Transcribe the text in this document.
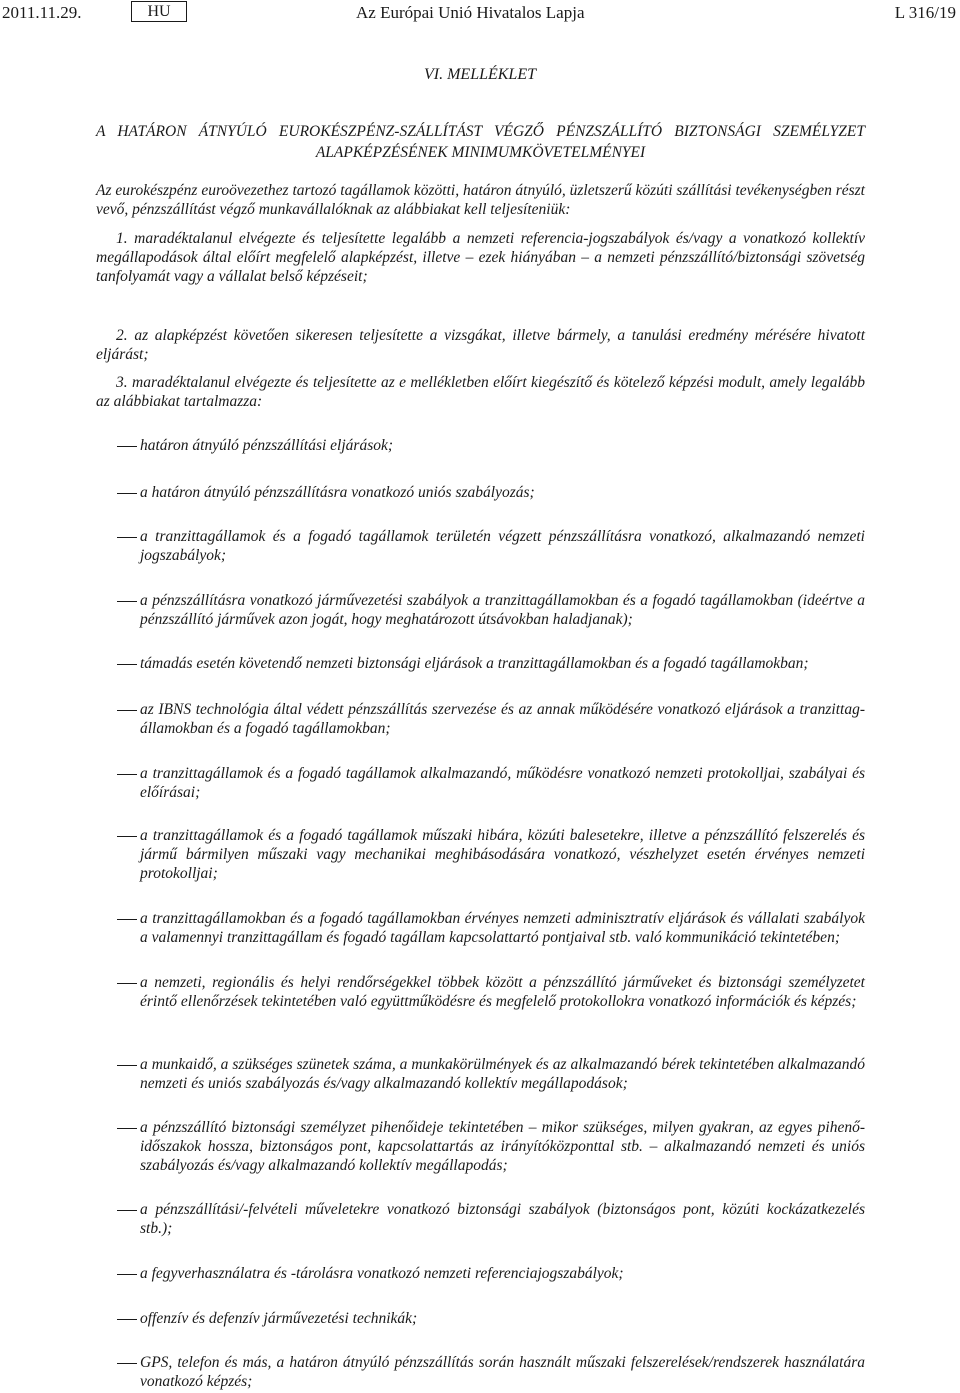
2011.11.29.	HU	Az Európai Unió Hivatalos Lapja	L 316/19
VI. MELLÉKLET
A HATÁRON ÁTNYÚLÓ EUROKÉSZPÉNZ-SZÁLLÍTÁST VÉGZŐ PÉNZSZÁLLÍTÓ BIZTONSÁGI SZEMÉLYZET ALAPKÉPZÉSÉNEK MINIMUMKÖVETELMÉNYEI
Az eurokészpénz euroövezethez tartozó tagállamok közötti, határon átnyúló, üzletszerű közúti szállítási tevékenységben részt vevő, pénzszállítást végző munkavállalóknak az alábbiakat kell teljesíteniük:
1. maradéktalanul elvégezte és teljesítette legalább a nemzeti referencia-jogszabályok és/vagy a vonatkozó kollektív megállapodások által előírt megfelelő alapképzést, illetve – ezek hiányában – a nemzeti pénzszállító/biztonsági szövetség tanfolyamát vagy a vállalat belső képzéseit;
2. az alapképzést követően sikeresen teljesítette a vizsgákat, illetve bármely, a tanulási eredmény mérésére hivatott eljárást;
3. maradéktalanul elvégezte és teljesítette az e mellékletben előírt kiegészítő és kötelező képzési modult, amely legalább az alábbiakat tartalmazza:
határon átnyúló pénzszállítási eljárások;
a határon átnyúló pénzszállításra vonatkozó uniós szabályozás;
a tranzittagállamok és a fogadó tagállamok területén végzett pénzszállításra vonatkozó, alkalmazandó nemzeti jogszabályok;
a pénzszállításra vonatkozó járművezetési szabályok a tranzittagállamokban és a fogadó tagállamokban (ideértve a pénzszállító járművek azon jogát, hogy meghatározott útsávokban haladjanak);
támadás esetén követendő nemzeti biztonsági eljárások a tranzittagállamokban és a fogadó tagállamokban;
az IBNS technológia által védett pénzszállítás szervezése és az annak működésére vonatkozó eljárások a tranzittagállamokban és a fogadó tagállamokban;
a tranzittagállamok és a fogadó tagállamok alkalmazandó, működésre vonatkozó nemzeti protokolljai, szabályai és előírásai;
a tranzittagállamok és a fogadó tagállamok műszaki hibára, közúti balesetekre, illetve a pénzszállító felszerelés és jármű bármilyen műszaki vagy mechanikai meghibásodására vonatkozó, vészhelyzet esetén érvényes nemzeti protokolljai;
a tranzittagállamokban és a fogadó tagállamokban érvényes nemzeti adminisztratív eljárások és vállalati szabályok a valamennyi tranzittagállam és fogadó tagállam kapcsolattartó pontjaival stb. való kommunikáció tekintetében;
a nemzeti, regionális és helyi rendőrségekkel többek között a pénzszállító járműveket és biztonsági személyzetet érintő ellenőrzések tekintetében való együttműködésre és megfelelő protokollokra vonatkozó információk és képzés;
a munkaidő, a szükséges szünetek száma, a munkakörülmények és az alkalmazandó bérek tekintetében alkalmazandó nemzeti és uniós szabályozás és/vagy alkalmazandó kollektív megállapodások;
a pénzszállító biztonsági személyzet pihenőideje tekintetében – mikor szükséges, milyen gyakran, az egyes pihenőidőszakok hossza, biztonságos pont, kapcsolattartás az irányítóközponttal stb. – alkalmazandó nemzeti és uniós szabályozás és/vagy alkalmazandó kollektív megállapodás;
a pénzszállítási/-felvételi műveletekre vonatkozó biztonsági szabályok (biztonságos pont, közúti kockázatkezelés stb.);
a fegyverhasználatra és -tárolásra vonatkozó nemzeti referenciajogszabályok;
offenzív és defenzív járművezetési technikák;
GPS, telefon és más, a határon átnyúló pénzszállítás során használt műszaki felszerelések/rendszerek használatára vonatkozó képzés;
